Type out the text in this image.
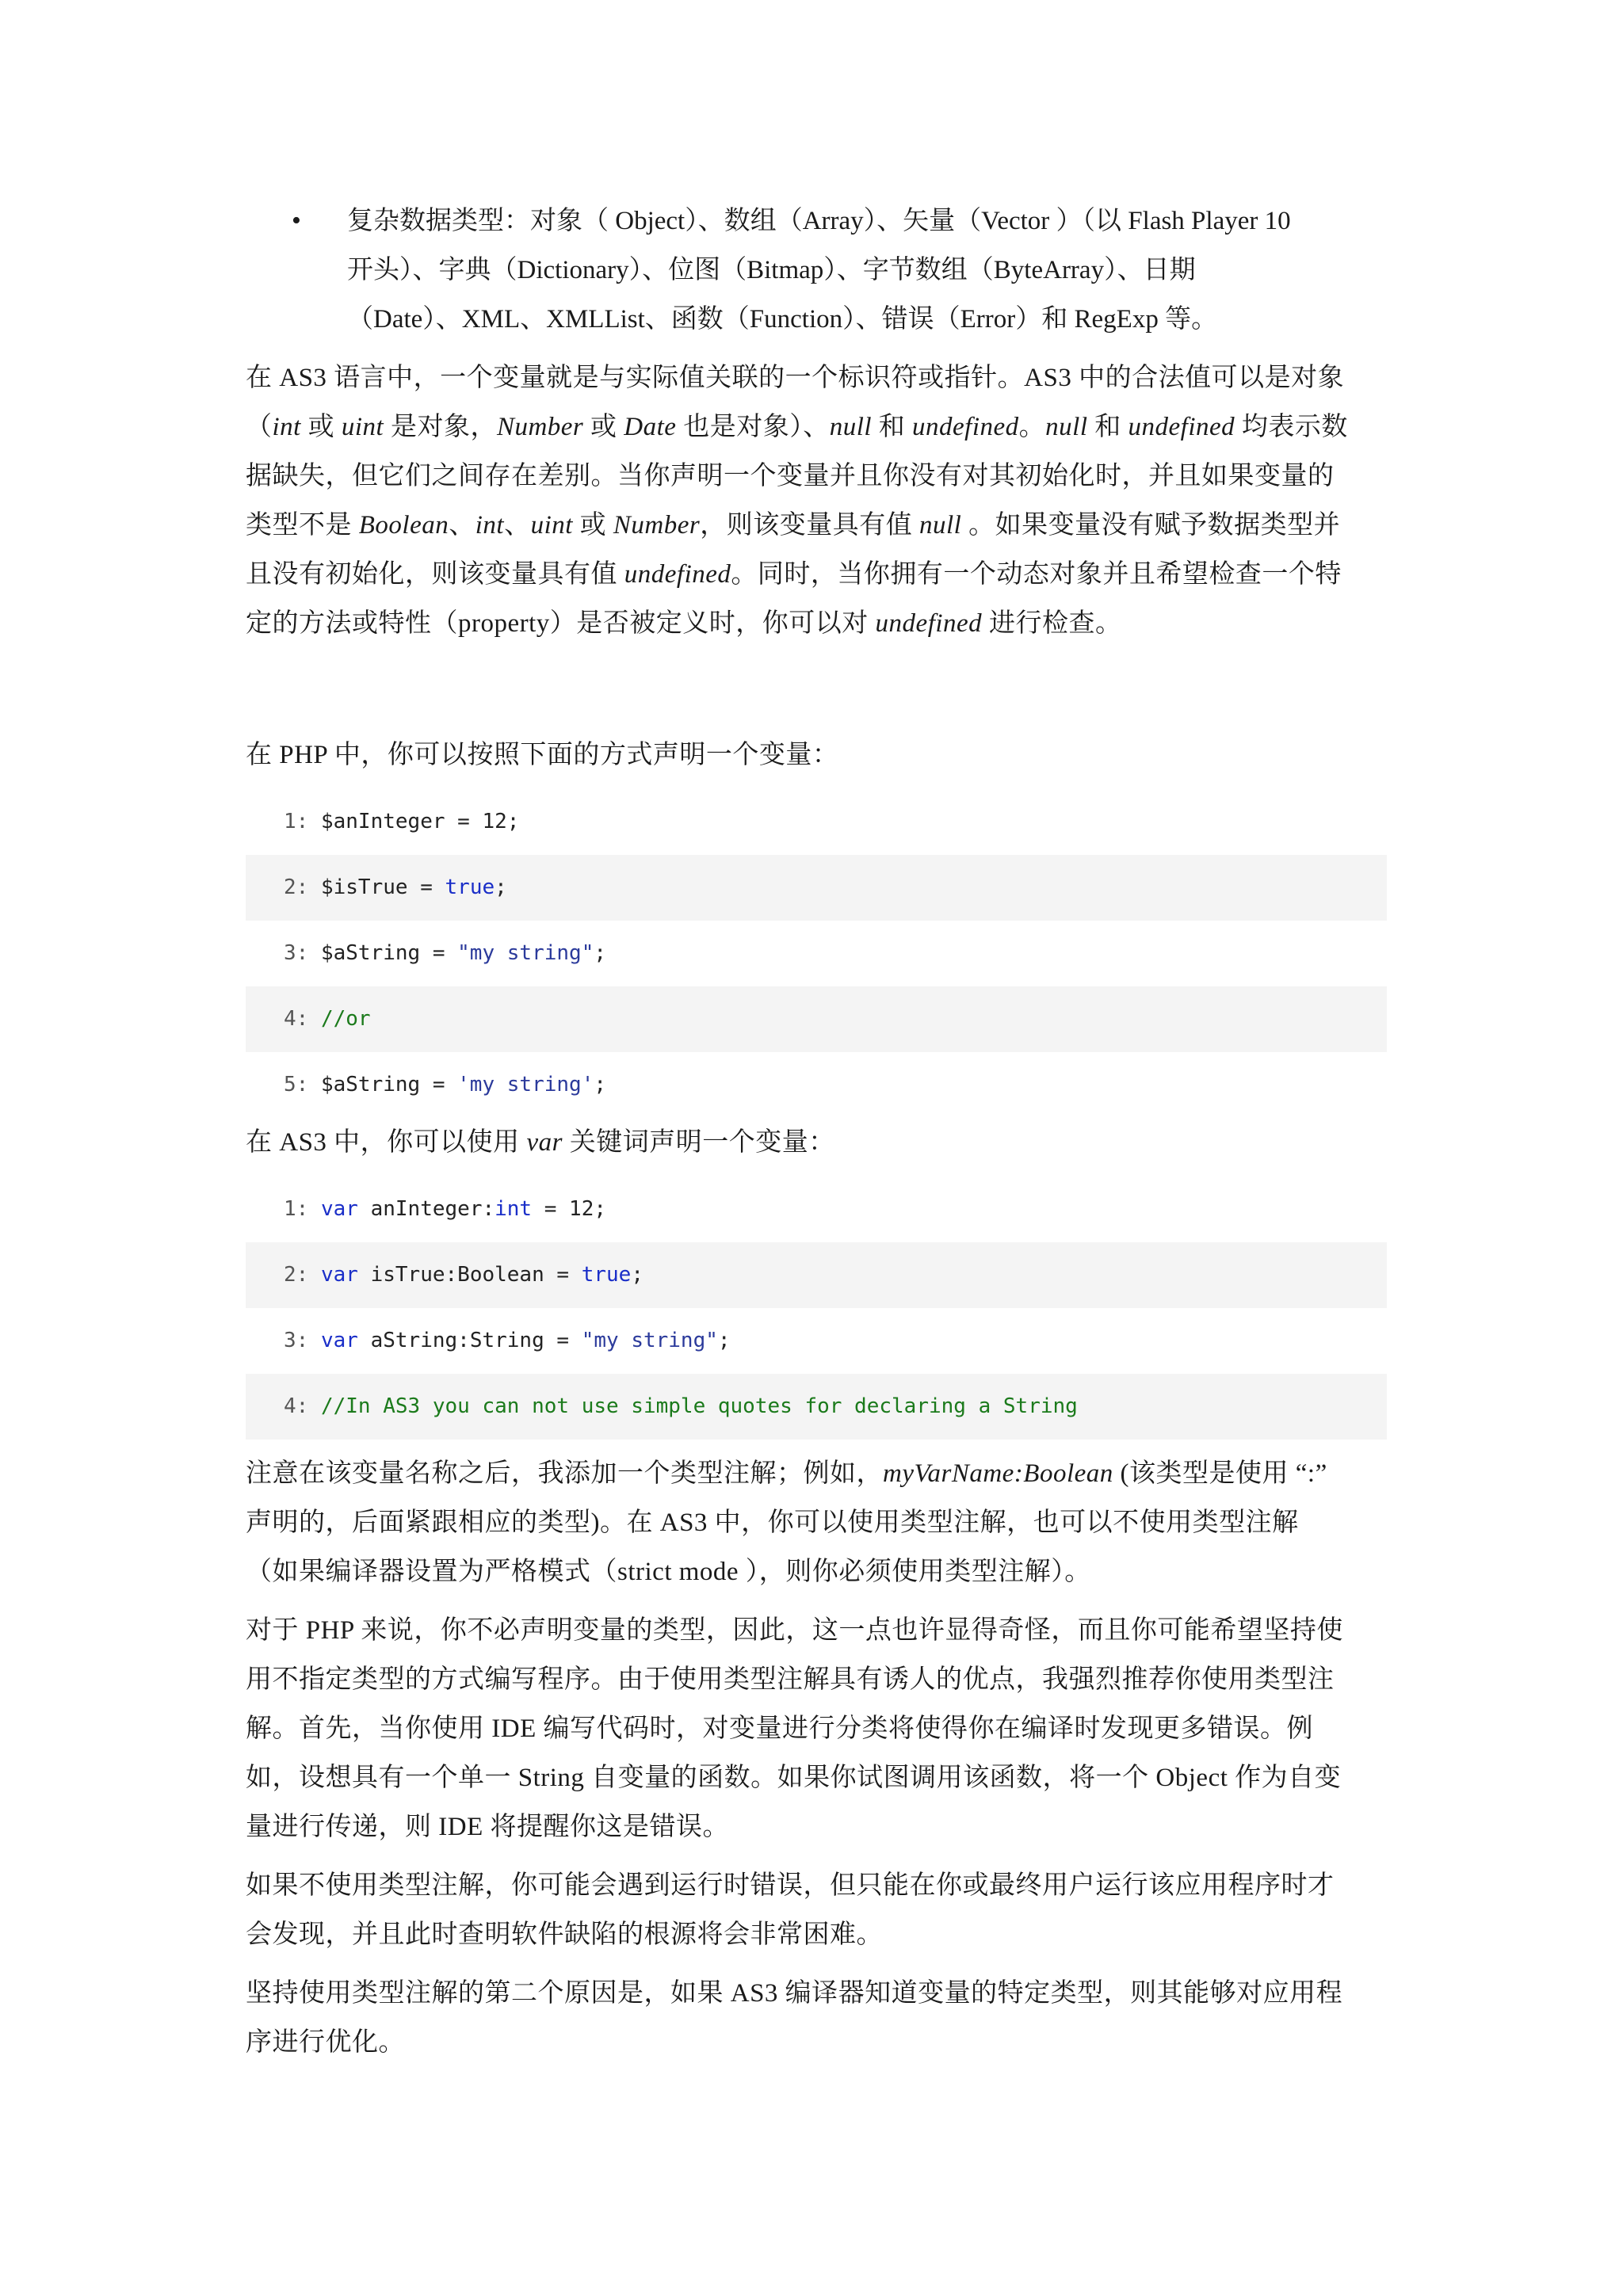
• 复杂数据类型：对象（ Object）、数组（Array）、矢量（Vector ）（以 Flash Player 10
开头）、字典（Dictionary）、位图（Bitmap）、字节数组（ByteArray）、日期
（Date）、XML、XMLList、函数（Function）、错误（Error）和 RegExp 等。
在 AS3 语言中，一个变量就是与实际值关联的一个标识符或指针。AS3 中的合法值可以是对象
（int 或 uint 是对象，Number 或 Date 也是对象）、null 和 undefined。null 和 undefined 均表示数
据缺失，但它们之间存在差别。当你声明一个变量并且你没有对其初始化时，并且如果变量的
类型不是 Boolean、int、uint 或 Number，则该变量具有值 null 。如果变量没有赋予数据类型并
且没有初始化，则该变量具有值 undefined。同时，当你拥有一个动态对象并且希望检查一个特
定的方法或特性（property）是否被定义时，你可以对 undefined 进行检查。
在 PHP 中，你可以按照下面的方式声明一个变量：
1: $anInteger = 12;
2: $isTrue = true;
3: $aString = "my string";
4: //or
5: $aString = 'my string';
在 AS3 中，你可以使用 var 关键词声明一个变量：
1: var anInteger:int = 12;
2: var isTrue:Boolean = true;
3: var aString:String = "my string";
4: //In AS3 you can not use simple quotes for declaring a String
注意在该变量名称之后，我添加一个类型注解；例如，myVarName:Boolean (该类型是使用 “:”
声明的，后面紧跟相应的类型)。在 AS3 中，你可以使用类型注解，也可以不使用类型注解
（如果编译器设置为严格模式（strict mode ），则你必须使用类型注解）。
对于 PHP 来说，你不必声明变量的类型，因此，这一点也许显得奇怪，而且你可能希望坚持使
用不指定类型的方式编写程序。由于使用类型注解具有诱人的优点，我强烈推荐你使用类型注
解。首先，当你使用 IDE 编写代码时，对变量进行分类将使得你在编译时发现更多错误。例
如，设想具有一个单一 String 自变量的函数。如果你试图调用该函数，将一个 Object 作为自变
量进行传递，则 IDE 将提醒你这是错误。
如果不使用类型注解，你可能会遇到运行时错误，但只能在你或最终用户运行该应用程序时才
会发现，并且此时查明软件缺陷的根源将会非常困难。
坚持使用类型注解的第二个原因是，如果 AS3 编译器知道变量的特定类型，则其能够对应用程
序进行优化。
